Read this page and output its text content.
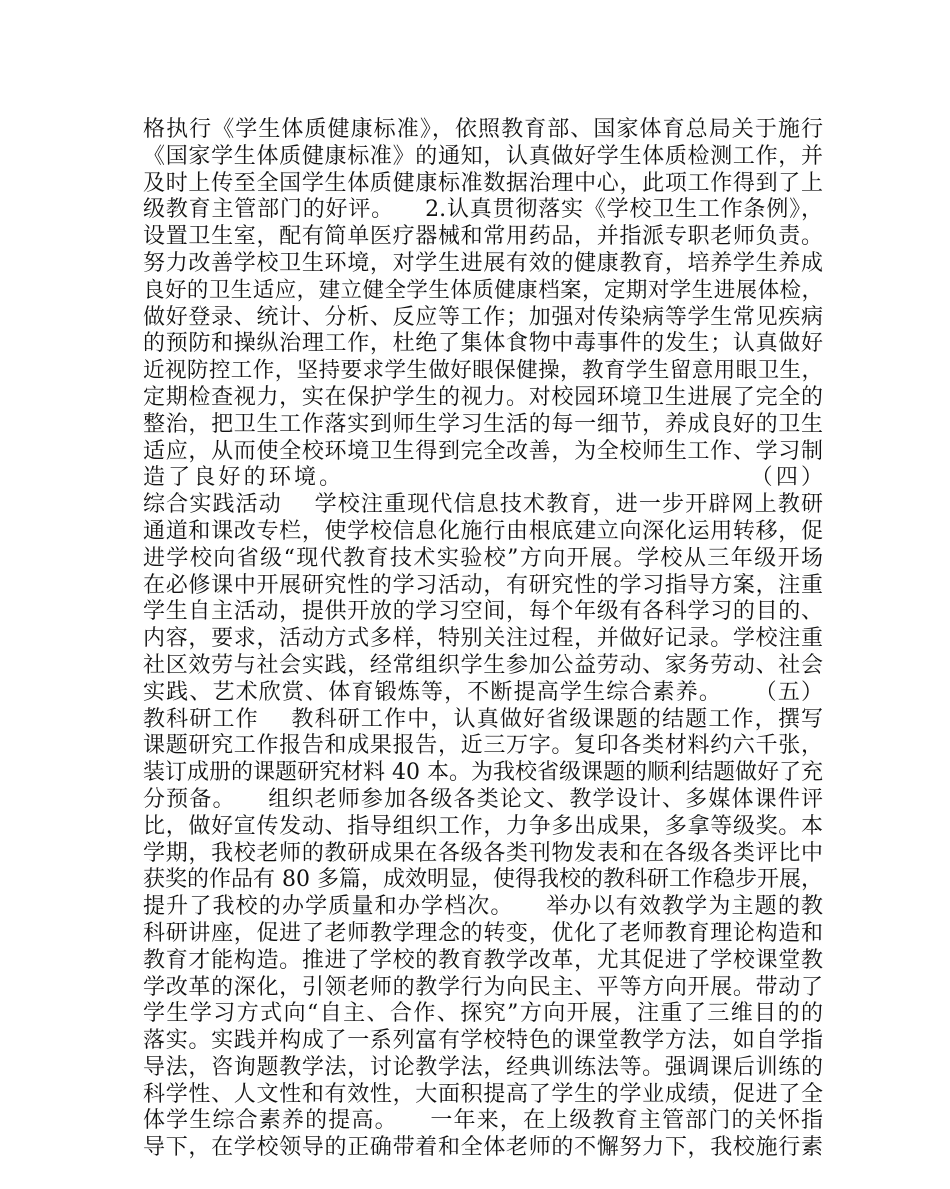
格执行《学生体质健康标准》，依照教育部、国家体育总局关于施行
《国家学生体质健康标准》的通知，认真做好学生体质检测工作，并
及时上传至全国学生体质健康标准数据治理中心，此项工作得到了上
级教育主管部门的好评。    2.认真贯彻落实《学校卫生工作条例》，
设置卫生室，配有简单医疗器械和常用药品，并指派专职老师负责。
努力改善学校卫生环境，对学生进展有效的健康教育，培养学生养成
良好的卫生适应，建立健全学生体质健康档案，定期对学生进展体检，
做好登录、统计、分析、反应等工作；加强对传染病等学生常见疾病
的预防和操纵治理工作，杜绝了集体食物中毒事件的发生；认真做好
近视防控工作，坚持要求学生做好眼保健操，教育学生留意用眼卫生，
定期检查视力，实在保护学生的视力。对校园环境卫生进展了完全的
整治，把卫生工作落实到师生学习生活的每一细节，养成良好的卫生
适应，从而使全校环境卫生得到完全改善，为全校师生工作、学习制
造了良好的环境。                                        （四）
综合实践活动    学校注重现代信息技术教育，进一步开辟网上教研
通道和课改专栏，使学校信息化施行由根底建立向深化运用转移，促
进学校向省级“现代教育技术实验校”方向开展。学校从三年级开场
在必修课中开展研究性的学习活动，有研究性的学习指导方案，注重
学生自主活动，提供开放的学习空间，每个年级有各科学习的目的、
内容，要求，活动方式多样，特别关注过程，并做好记录。学校注重
社区效劳与社会实践，经常组织学生参加公益劳动、家务劳动、社会
实践、艺术欣赏、体育锻炼等，不断提高学生综合素养。    （五）
教科研工作    教科研工作中，认真做好省级课题的结题工作，撰写
课题研究工作报告和成果报告，近三万字。复印各类材料约六千张，
装订成册的课题研究材料 40 本。为我校省级课题的顺利结题做好了充
分预备。    组织老师参加各级各类论文、教学设计、多媒体课件评
比，做好宣传发动、指导组织工作，力争多出成果，多拿等级奖。本
学期，我校老师的教研成果在各级各类刊物发表和在各级各类评比中
获奖的作品有 80 多篇，成效明显，使得我校的教科研工作稳步开展，
提升了我校的办学质量和办学档次。    举办以有效教学为主题的教
科研讲座，促进了老师教学理念的转变，优化了老师教育理论构造和
教育才能构造。推进了学校的教育教学改革，尤其促进了学校课堂教
学改革的深化，引领老师的教学行为向民主、平等方向开展。带动了
学生学习方式向“自主、合作、探究”方向开展，注重了三维目的的
落实。实践并构成了一系列富有学校特色的课堂教学方法，如自学指
导法，咨询题教学法，讨论教学法，经典训练法等。强调课后训练的
科学性、人文性和有效性，大面积提高了学生的学业成绩，促进了全
体学生综合素养的提高。    一年来，在上级教育主管部门的关怀指
导下，在学校领导的正确带着和全体老师的不懈努力下，我校施行素
